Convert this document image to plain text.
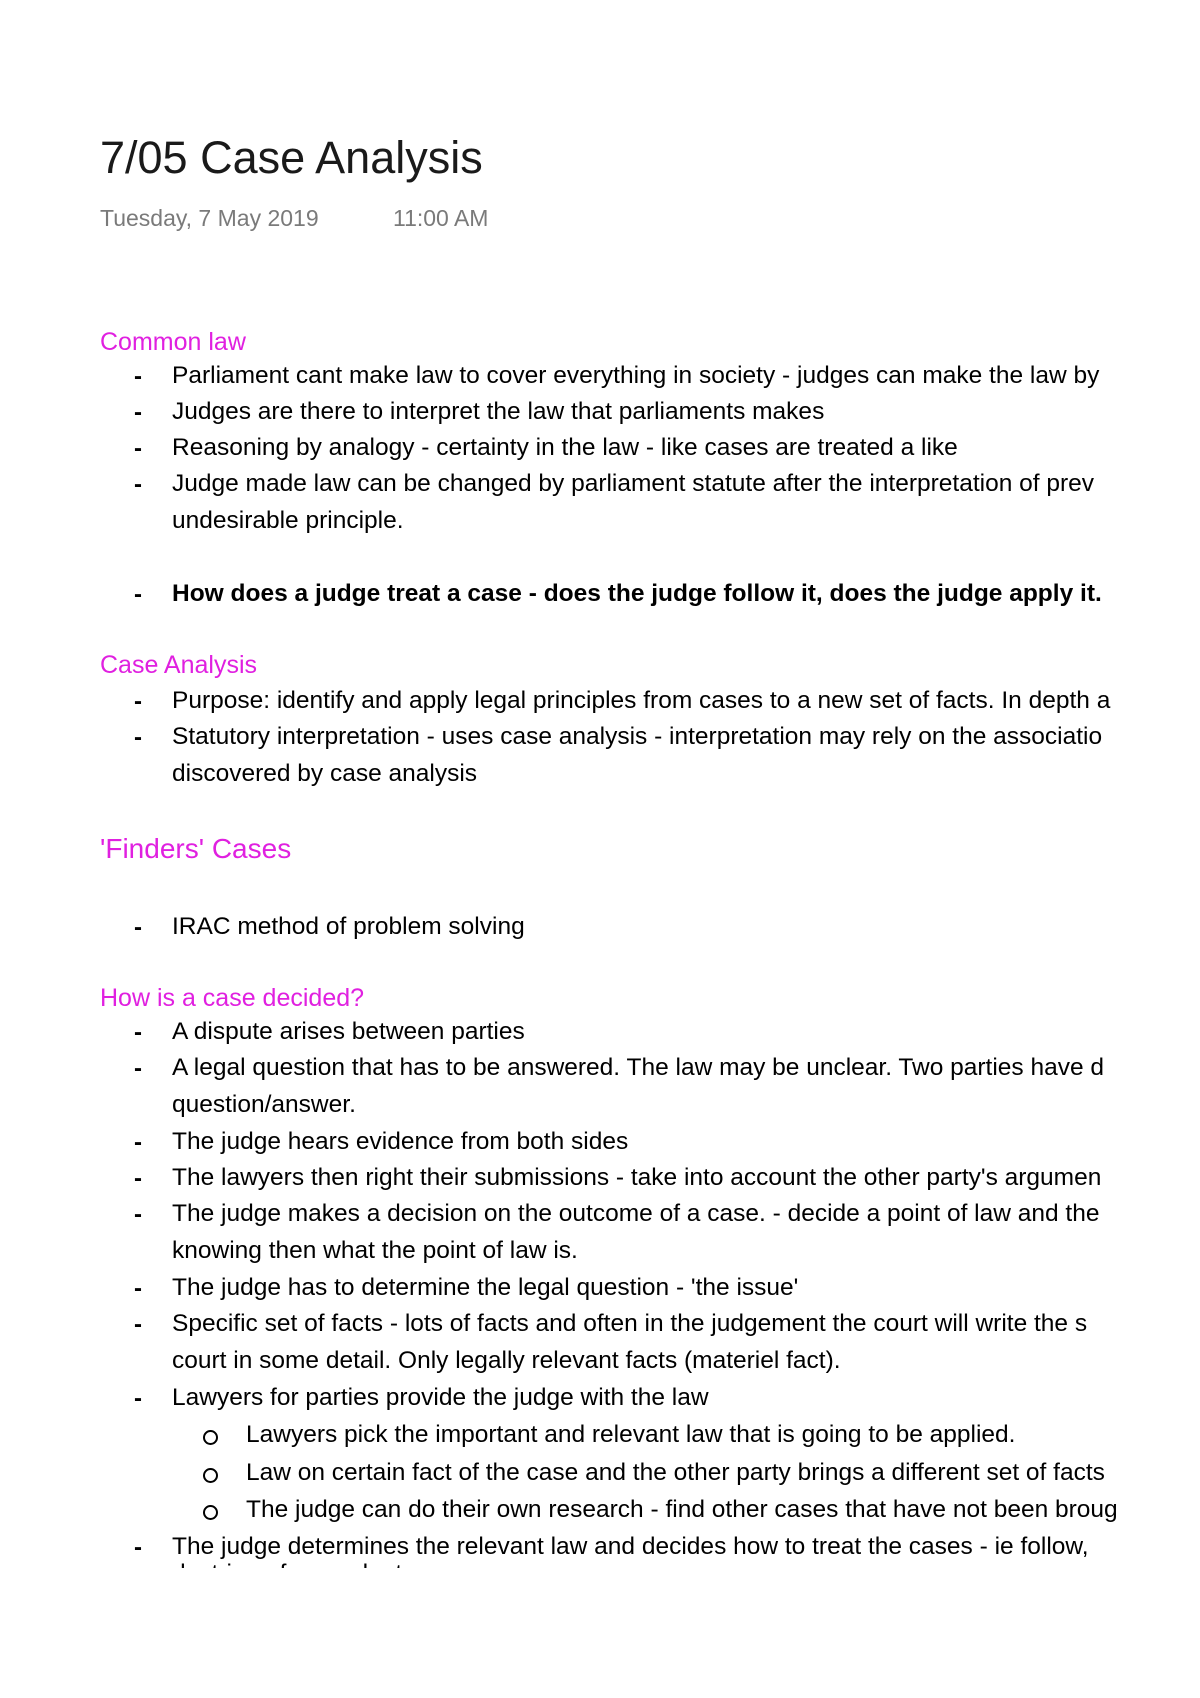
7/05 Case Analysis
Tuesday, 7 May 2019	11:00 AM
Common law
- Parliament cant make law to cover everything in society - judges can make the law by
- Judges are there to interpret the law that parliaments makes
- Reasoning by analogy - certainty in the law - like cases are treated a like
- Judge made law can be changed by parliament statute after the interpretation of prev
undesirable principle.
- How does a judge treat a case - does the judge follow it, does the judge apply it.
Case Analysis
- Purpose: identify and apply legal principles from cases to a new set of facts. In depth a
- Statutory interpretation - uses case analysis - interpretation may rely on the associatio
discovered by case analysis
'Finders' Cases
- IRAC method of problem solving
How is a case decided?
- A dispute arises between parties
- A legal question that has to be answered. The law may be unclear. Two parties have d
question/answer.
- The judge hears evidence from both sides
- The lawyers then right their submissions - take into account the other party's argumen
- The judge makes a decision on the outcome of a case. - decide a point of law and the
knowing then what the point of law is.
- The judge has to determine the legal question - 'the issue'
- Specific set of facts - lots of facts and often in the judgement the court will write the s
court in some detail. Only legally relevant facts (materiel fact).
- Lawyers for parties provide the judge with the law
Lawyers pick the important and relevant law that is going to be applied.
Law on certain fact of the case and the other party brings a different set of facts
The judge can do their own research - find other cases that have not been broug
- The judge determines the relevant law and decides how to treat the cases - ie follow,
